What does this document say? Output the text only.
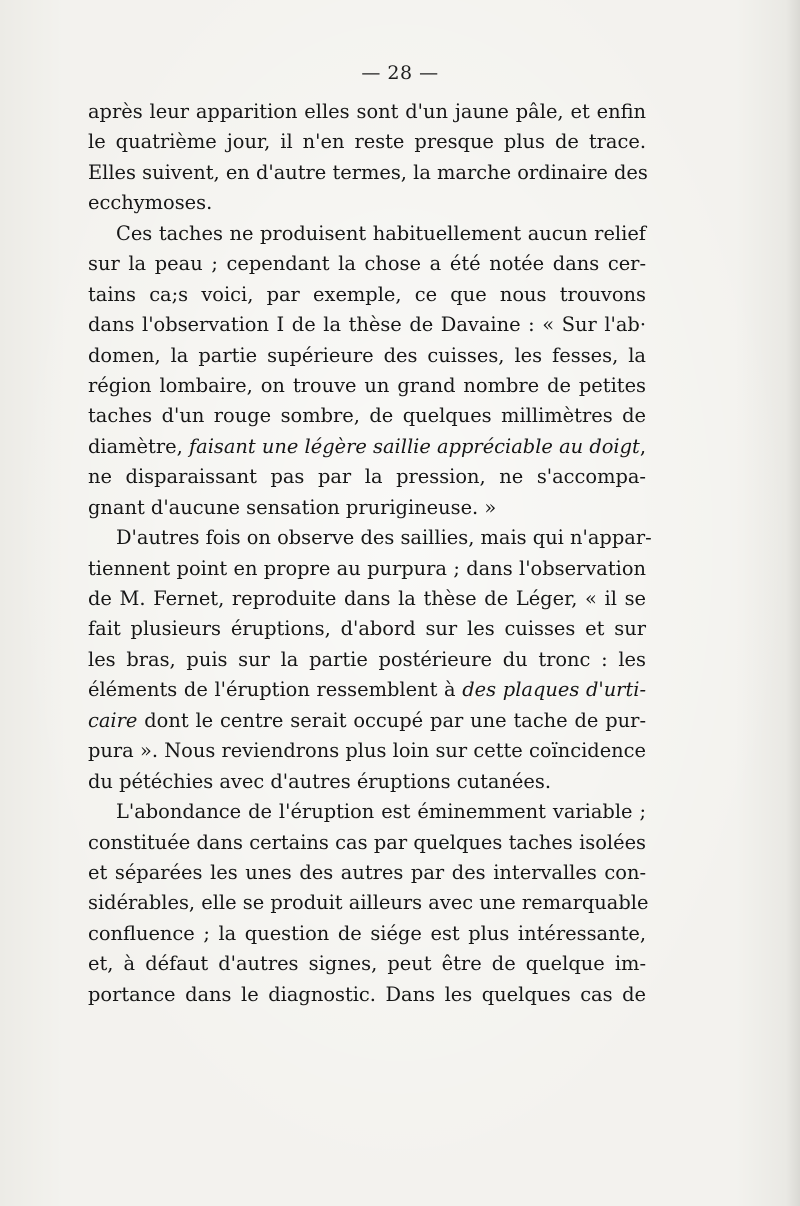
— 28 —
après leur apparition elles sont d'un jaune pâle, et enfin
le quatrième jour, il n'en reste presque plus de trace.
Elles suivent, en d'autre termes, la marche ordinaire des
ecchymoses.
Ces taches ne produisent habituellement aucun relief
sur la peau ; cependant la chose a été notée dans cer-
tains ca;s voici, par exemple, ce que nous trouvons
dans l'observation I de la thèse de Davaine : « Sur l'ab·
domen, la partie supérieure des cuisses, les fesses, la
région lombaire, on trouve un grand nombre de petites
taches d'un rouge sombre, de quelques millimètres de
diamètre, faisant une légère saillie appréciable au doigt,
ne disparaissant pas par la pression, ne s'accompa-
gnant d'aucune sensation prurigineuse. »
D'autres fois on observe des saillies, mais qui n'appar-
tiennent point en propre au purpura ; dans l'observation
de M. Fernet, reproduite dans la thèse de Léger, « il se
fait plusieurs éruptions, d'abord sur les cuisses et sur
les bras, puis sur la partie postérieure du tronc : les
éléments de l'éruption ressemblent à des plaques d'urti-
caire dont le centre serait occupé par une tache de pur-
pura ». Nous reviendrons plus loin sur cette coïncidence
du pétéchies avec d'autres éruptions cutanées.
L'abondance de l'éruption est éminemment variable ;
constituée dans certains cas par quelques taches isolées
et séparées les unes des autres par des intervalles con-
sidérables, elle se produit ailleurs avec une remarquable
confluence ; la question de siége est plus intéressante,
et, à défaut d'autres signes, peut être de quelque im-
portance dans le diagnostic. Dans les quelques cas de
